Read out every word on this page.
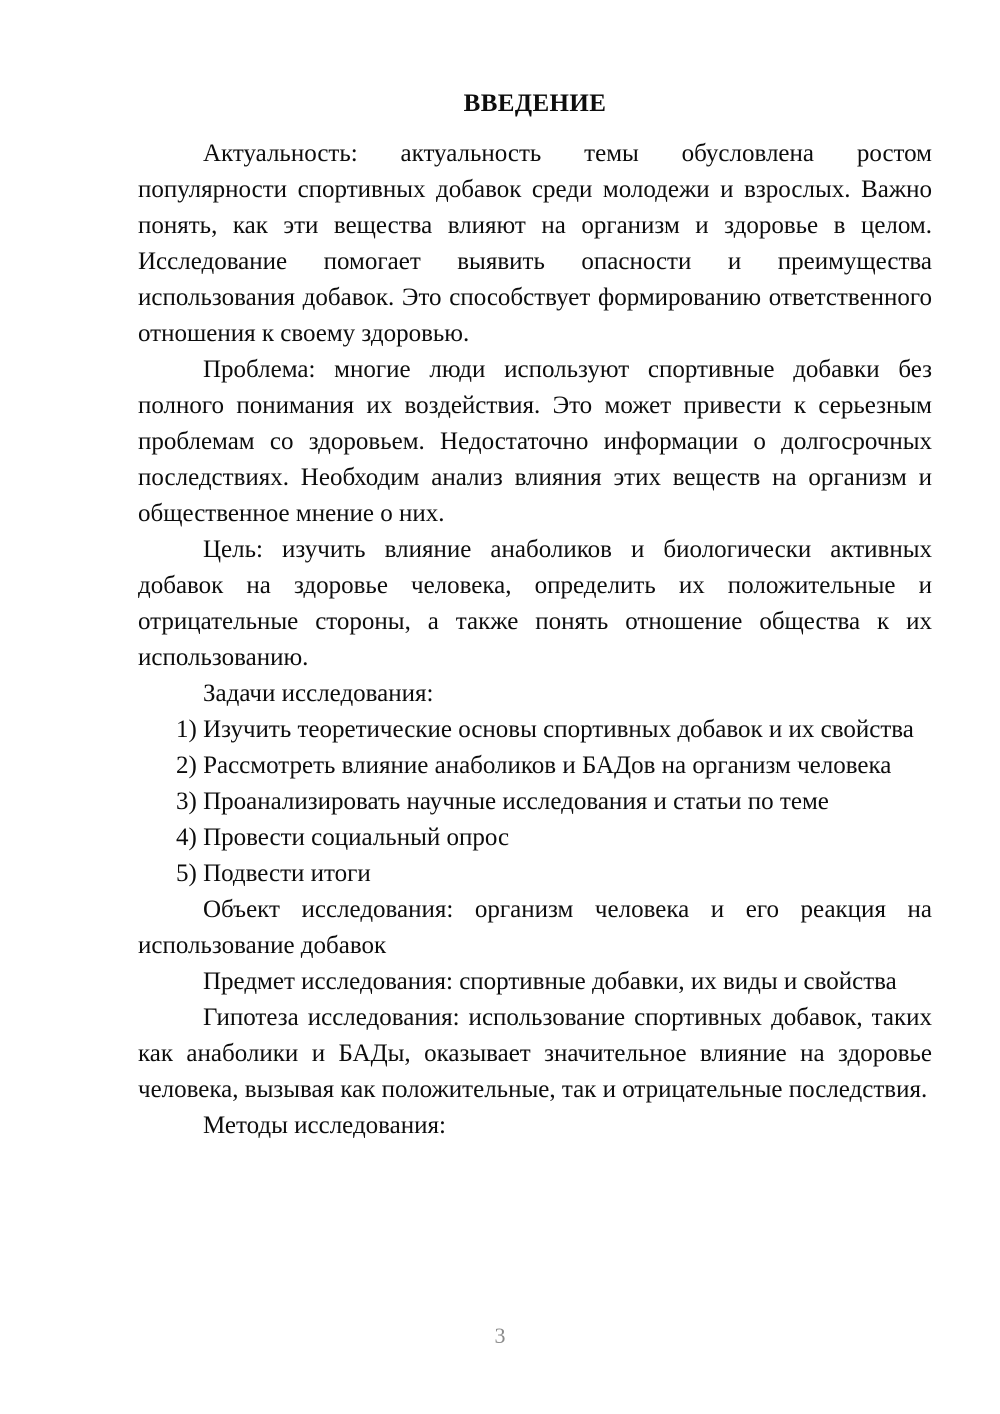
ВВЕДЕНИЕ

Актуальность: актуальность темы обусловлена ростом популярности спортивных добавок среди молодежи и взрослых. Важно понять, как эти вещества влияют на организм и здоровье в целом. Исследование помогает выявить опасности и преимущества использования добавок. Это способствует формированию ответственного отношения к своему здоровью.

Проблема: многие люди используют спортивные добавки без полного понимания их воздействия. Это может привести к серьезным проблемам со здоровьем. Недостаточно информации о долгосрочных последствиях. Необходим анализ влияния этих веществ на организм и общественное мнение о них.

Цель: изучить влияние анаболиков и биологически активных добавок на здоровье человека, определить их положительные и отрицательные стороны, а также понять отношение общества к их использованию.

Задачи исследования:

1) Изучить теоретические основы спортивных добавок и их свойства
2) Рассмотреть влияние анаболиков и БАДов на организм человека
3) Проанализировать научные исследования и статьи по теме
4) Провести социальный опрос
5) Подвести итоги

Объект исследования: организм человека и его реакция на использование добавок

Предмет исследования: спортивные добавки, их виды и свойства

Гипотеза исследования: использование спортивных добавок, таких как анаболики и БАДы, оказывает значительное влияние на здоровье человека, вызывая как положительные, так и отрицательные последствия.

Методы исследования:

3
